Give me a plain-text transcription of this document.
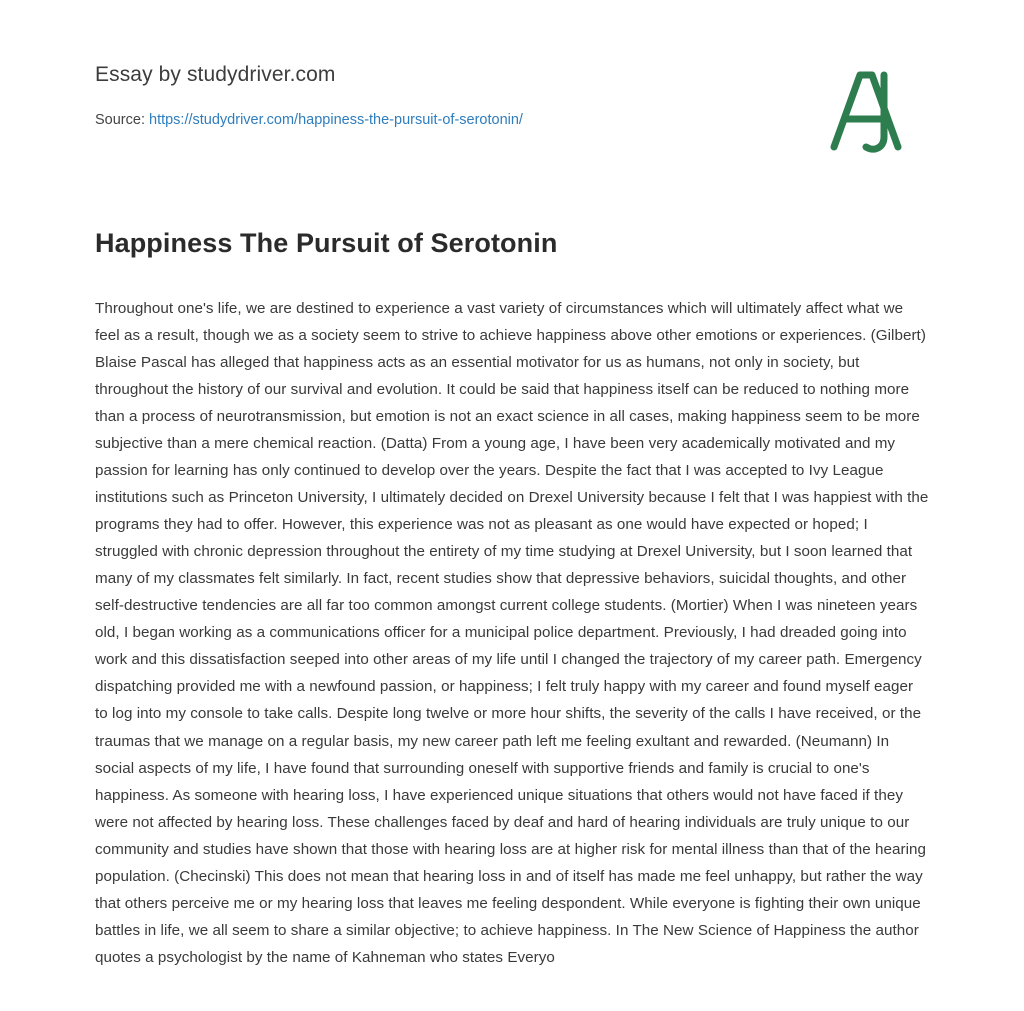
Essay by studydriver.com
Source: https://studydriver.com/happiness-the-pursuit-of-serotonin/
Happiness The Pursuit of Serotonin

Throughout one's life, we are destined to experience a vast variety of circumstances which will ultimately affect what we feel as a result, though we as a society seem to strive to achieve happiness above other emotions or experiences. (Gilbert) Blaise Pascal has alleged that happiness acts as an essential motivator for us as humans, not only in society, but throughout the history of our survival and evolution. It could be said that happiness itself can be reduced to nothing more than a process of neurotransmission, but emotion is not an exact science in all cases, making happiness seem to be more subjective than a mere chemical reaction. (Datta) From a young age, I have been very academically motivated and my passion for learning has only continued to develop over the years. Despite the fact that I was accepted to Ivy League institutions such as Princeton University, I ultimately decided on Drexel University because I felt that I was happiest with the programs they had to offer. However, this experience was not as pleasant as one would have expected or hoped; I struggled with chronic depression throughout the entirety of my time studying at Drexel University, but I soon learned that many of my classmates felt similarly. In fact, recent studies show that depressive behaviors, suicidal thoughts, and other self-destructive tendencies are all far too common amongst current college students. (Mortier) When I was nineteen years old, I began working as a communications officer for a municipal police department. Previously, I had dreaded going into work and this dissatisfaction seeped into other areas of my life until I changed the trajectory of my career path. Emergency dispatching provided me with a newfound passion, or happiness; I felt truly happy with my career and found myself eager to log into my console to take calls. Despite long twelve or more hour shifts, the severity of the calls I have received, or the traumas that we manage on a regular basis, my new career path left me feeling exultant and rewarded. (Neumann) In social aspects of my life, I have found that surrounding oneself with supportive friends and family is crucial to one's happiness. As someone with hearing loss, I have experienced unique situations that others would not have faced if they were not affected by hearing loss. These challenges faced by deaf and hard of hearing individuals are truly unique to our community and studies have shown that those with hearing loss are at higher risk for mental illness than that of the hearing population. (Checinski) This does not mean that hearing loss in and of itself has made me feel unhappy, but rather the way that others perceive me or my hearing loss that leaves me feeling despondent. While everyone is fighting their own unique battles in life, we all seem to share a similar objective; to achieve happiness. In The New Science of Happiness the author quotes a psychologist by the name of Kahneman who states Everyo
